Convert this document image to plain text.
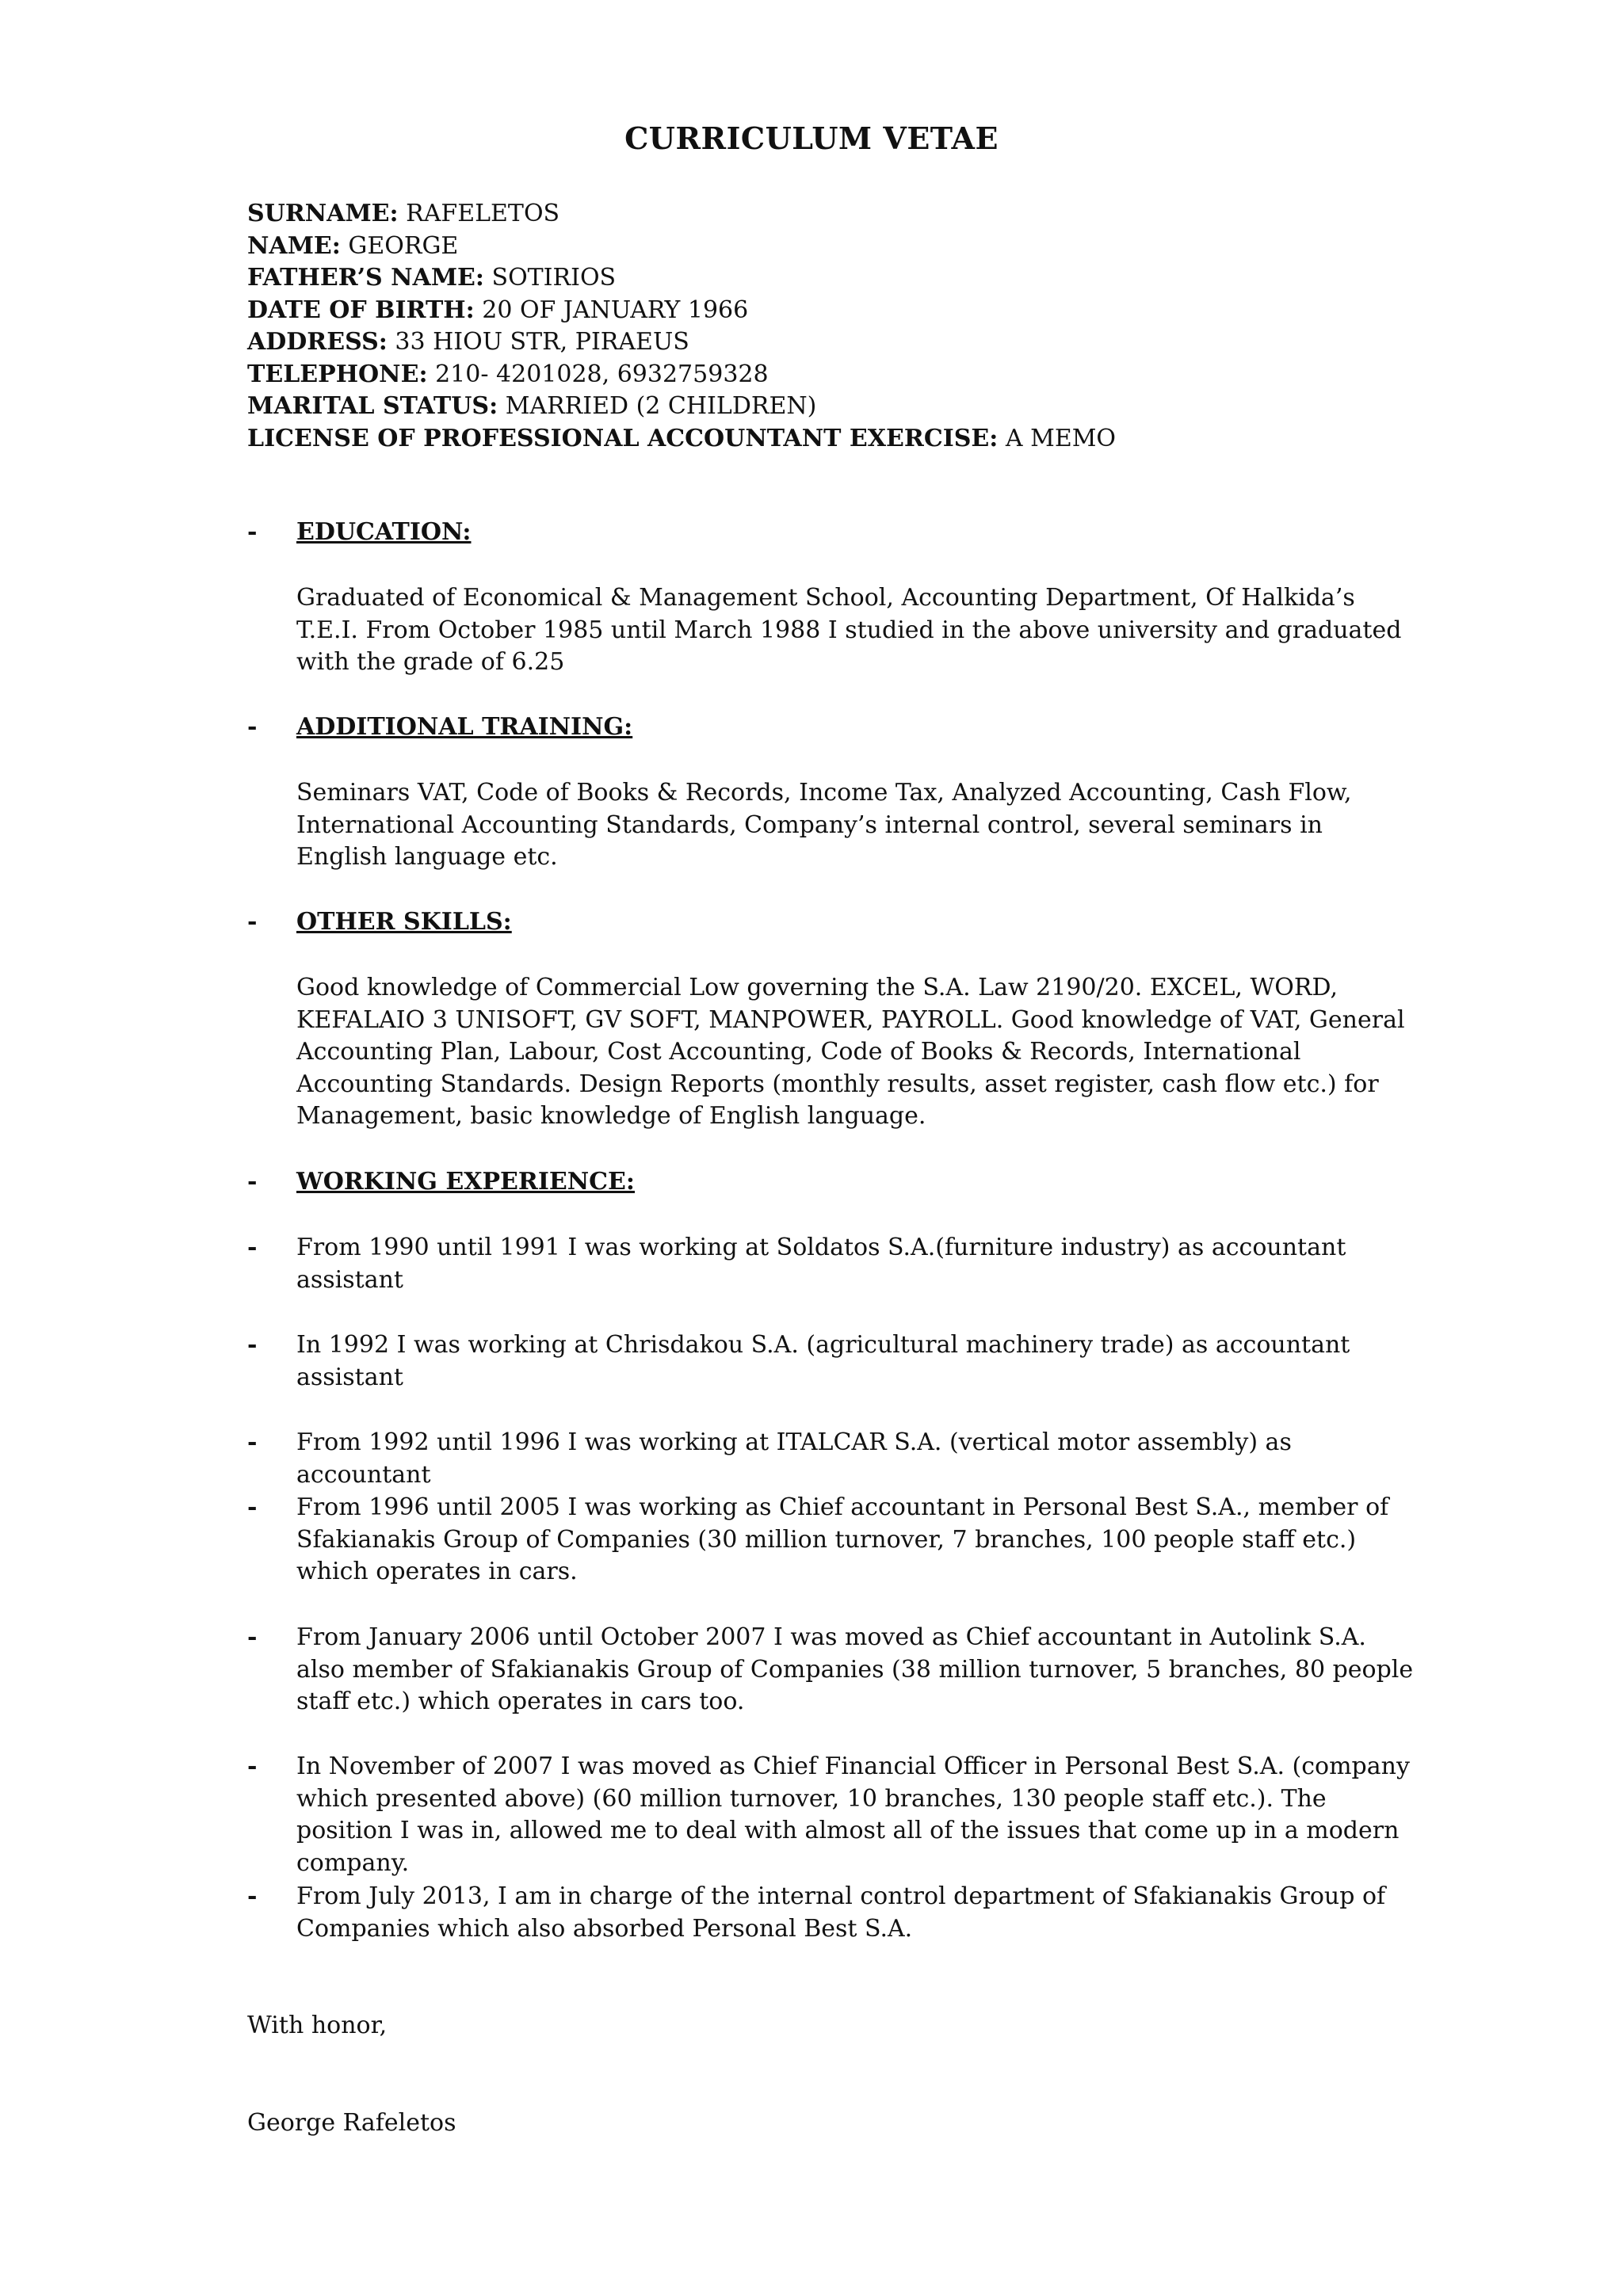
CURRICULUM VETAE
SURNAME: RAFELETOS
NAME: GEORGE
FATHER’S NAME: SOTIRIOS
DATE OF BIRTH: 20 OF JANUARY 1966
ADDRESS: 33 HIOU STR, PIRAEUS
TELEPHONE: 210- 4201028, 6932759328
MARITAL STATUS: MARRIED (2 CHILDREN)
LICENSE OF PROFESSIONAL ACCOUNTANT EXERCISE: A MEMO
- EDUCATION:
Graduated of Economical & Management School, Accounting Department, Of Halkida’s T.E.I. From October 1985 until March 1988 I studied in the above university and graduated with the grade of 6.25
- ADDITIONAL TRAINING:
Seminars VAT, Code of Books & Records, Income Tax, Analyzed Accounting, Cash Flow, International Accounting Standards, Company’s internal control, several seminars in English language etc.
- OTHER SKILLS:
Good knowledge of Commercial Low governing the S.A. Law 2190/20. EXCEL, WORD, KEFALAIO 3 UNISOFT, GV SOFT, MANPOWER, PAYROLL. Good knowledge of VAT, General Accounting Plan, Labour, Cost Accounting, Code of Books & Records, International Accounting Standards. Design Reports (monthly results, asset register, cash flow etc.) for Management, basic knowledge of English language.
- WORKING EXPERIENCE:
- From 1990 until 1991 I was working at Soldatos S.A.(furniture industry) as accountant assistant
- In 1992 I was working at Chrisdakou S.A. (agricultural machinery trade) as accountant assistant
- From 1992 until 1996 I was working at ITALCAR S.A. (vertical motor assembly) as accountant
- From 1996 until 2005 I was working as Chief accountant in Personal Best S.A., member of Sfakianakis Group of Companies (30 million turnover, 7 branches, 100 people staff etc.) which operates in cars.
- From January 2006 until October 2007 I was moved as Chief accountant in Autolink S.A. also member of Sfakianakis Group of Companies (38 million turnover, 5 branches, 80 people staff etc.) which operates in cars too.
- In November of 2007 I was moved as Chief Financial Officer in Personal Best S.A. (company which presented above) (60 million turnover, 10 branches, 130 people staff etc.). The position I was in, allowed me to deal with almost all of the issues that come up in a modern company.
- From July 2013, I am in charge of the internal control department of Sfakianakis Group of Companies which also absorbed Personal Best S.A.
With honor,
George Rafeletos
